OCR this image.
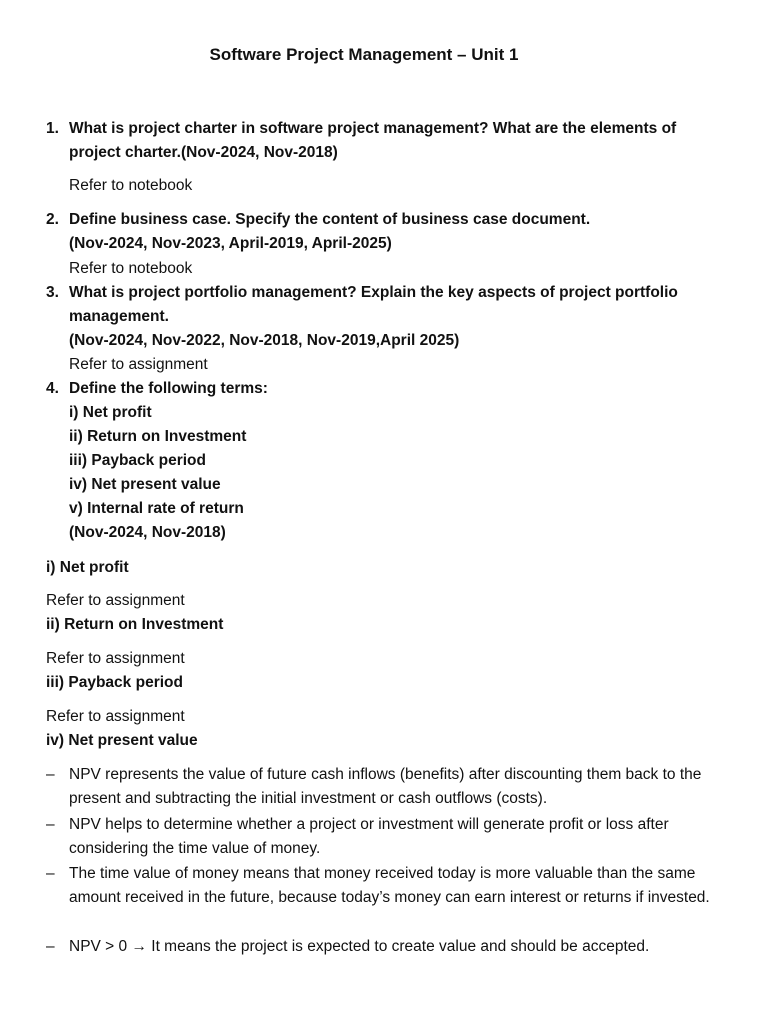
Software Project Management – Unit 1
1. What is project charter in software project management? What are the elements of
project charter.(Nov-2024, Nov-2018)
Refer to notebook
2. Define business case. Specify the content of business case document.
(Nov-2024, Nov-2023, April-2019, April-2025)
Refer to notebook
3. What is project portfolio management? Explain the key aspects of project portfolio
management.
(Nov-2024, Nov-2022, Nov-2018, Nov-2019,April 2025)
Refer to assignment
4. Define the following terms:
i) Net profit
ii) Return on Investment
iii) Payback period
iv) Net present value
v) Internal rate of return
(Nov-2024, Nov-2018)
i) Net profit
Refer to assignment
ii) Return on Investment
Refer to assignment
iii) Payback period
Refer to assignment
iv) Net present value
– NPV represents the value of future cash inflows (benefits) after discounting them back to the present and subtracting the initial investment or cash outflows (costs).
– NPV helps to determine whether a project or investment will generate profit or loss after considering the time value of money.
– The time value of money means that money received today is more valuable than the same amount received in the future, because today’s money can earn interest or returns if invested.
– NPV > 0 → It means the project is expected to create value and should be accepted.
